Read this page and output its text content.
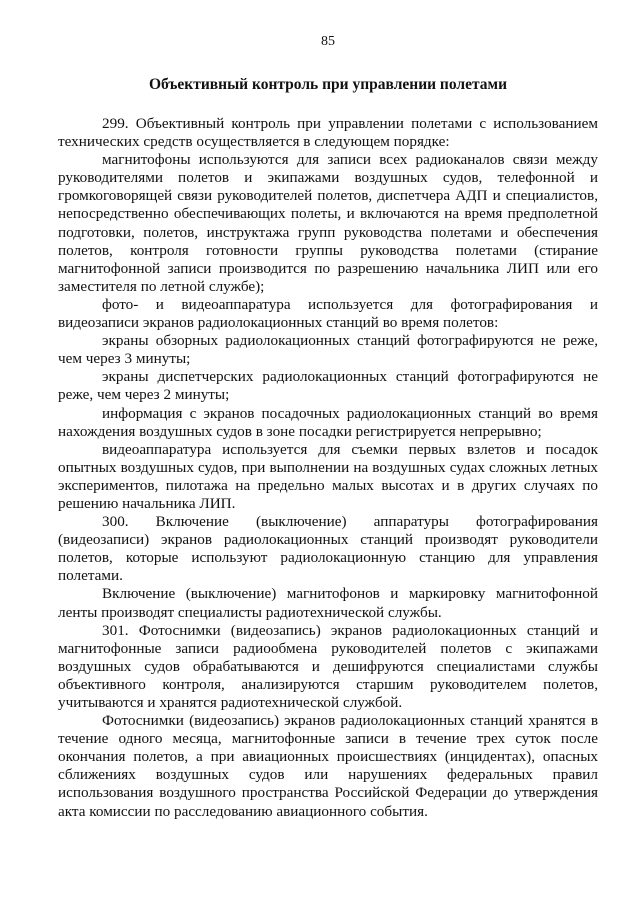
85
Объективный контроль при управлении полетами

299. Объективный контроль при управлении полетами с использованием технических средств осуществляется в следующем порядке:

магнитофоны используются для записи всех радиоканалов связи между руководителями полетов и экипажами воздушных судов, телефонной и громкоговорящей связи руководителей полетов, диспетчера АДП и специалистов, непосредственно обеспечивающих полеты, и включаются на время предполетной подготовки, полетов, инструктажа групп руководства полетами и обеспечения полетов, контроля готовности группы руководства полетами (стирание магнитофонной записи производится по разрешению начальника ЛИП или его заместителя по летной службе);

фото- и видеоаппаратура используется для фотографирования и видеозаписи экранов радиолокационных станций во время полетов:

экраны обзорных радиолокационных станций фотографируются не реже, чем через 3 минуты;

экраны диспетчерских радиолокационных станций фотографируются не реже, чем через 2 минуты;

информация с экранов посадочных радиолокационных станций во время нахождения воздушных судов в зоне посадки регистрируется непрерывно;

видеоаппаратура используется для съемки первых взлетов и посадок опытных воздушных судов, при выполнении на воздушных судах сложных летных экспериментов, пилотажа на предельно малых высотах и в других случаях по решению начальника ЛИП.

300. Включение (выключение) аппаратуры фотографирования (видеозаписи) экранов радиолокационных станций производят руководители полетов, которые используют радиолокационную станцию для управления полетами.

Включение (выключение) магнитофонов и маркировку магнитофонной ленты производят специалисты радиотехнической службы.

301. Фотоснимки (видеозапись) экранов радиолокационных станций и магнитофонные записи радиообмена руководителей полетов с экипажами воздушных судов обрабатываются и дешифруются специалистами службы объективного контроля, анализируются старшим руководителем полетов, учитываются и хранятся радиотехнической службой.

Фотоснимки (видеозапись) экранов радиолокационных станций хранятся в течение одного месяца, магнитофонные записи в течение трех суток после окончания полетов, а при авиационных происшествиях (инцидентах), опасных сближениях воздушных судов или нарушениях федеральных правил использования воздушного пространства Российской Федерации до утверждения акта комиссии по расследованию авиационного события.
